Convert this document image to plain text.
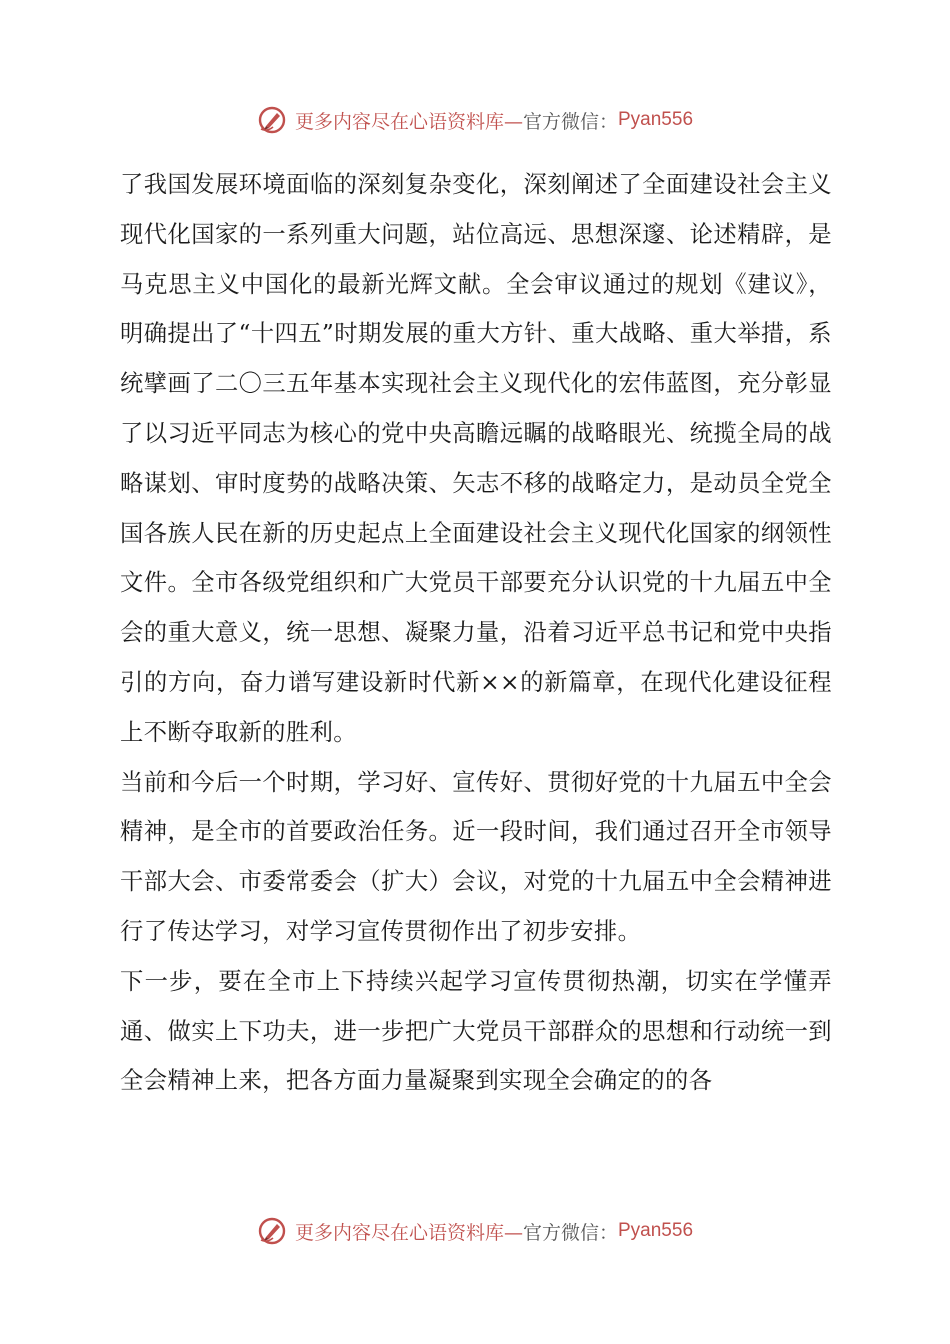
更多内容尽在心语资料库— 官方微信： Pyan556

了我国发展环境面临的深刻复杂变化，深刻阐述了全面建设社会主义现代化国家的一系列重大问题，站位高远、思想深邃、论述精辟，是马克思主义中国化的最新光辉文献。全会审议通过的规划《建议》，明确提出了“十四五”时期发展的重大方针、重大战略、重大举措，系统擘画了二〇三五年基本实现社会主义现代化的宏伟蓝图，充分彰显了以习近平同志为核心的党中央高瞻远瞩的战略眼光、统揽全局的战略谋划、审时度势的战略决策、矢志不移的战略定力，是动员全党全国各族人民在新的历史起点上全面建设社会主义现代化国家的纲领性文件。全市各级党组织和广大党员干部要充分认识党的十九届五中全会的重大意义，统一思想、凝聚力量，沿着习近平总书记和党中央指引的方向，奋力谱写建设新时代新××的新篇章，在现代化建设征程上不断夺取新的胜利。

当前和今后一个时期，学习好、宣传好、贯彻好党的十九届五中全会精神，是全市的首要政治任务。近一段时间，我们通过召开全市领导干部大会、市委常委会（扩大）会议，对党的十九届五中全会精神进行了传达学习，对学习宣传贯彻作出了初步安排。

下一步，要在全市上下持续兴起学习宣传贯彻热潮，切实在学懂弄通、做实上下功夫，进一步把广大党员干部群众的思想和行动统一到全会精神上来，把各方面力量凝聚到实现全会确定的的各

更多内容尽在心语资料库— 官方微信： Pyan556
